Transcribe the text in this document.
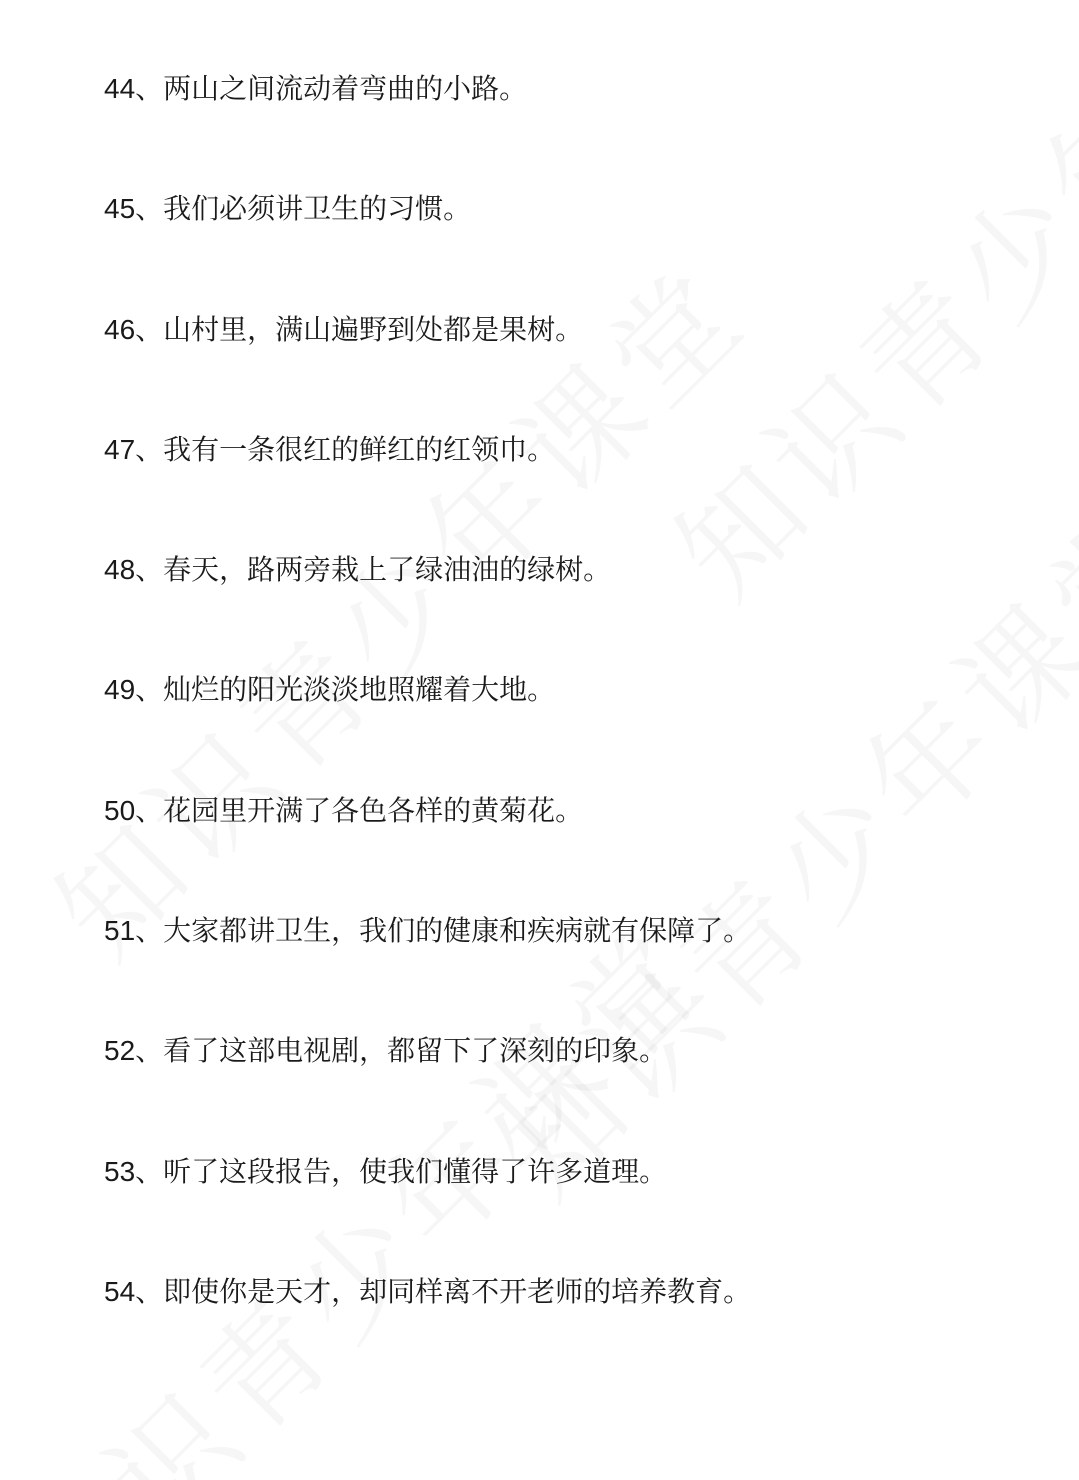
44、两山之间流动着弯曲的小路。
45、我们必须讲卫生的习惯。
46、山村里，满山遍野到处都是果树。
47、我有一条很红的鲜红的红领巾。
48、春天，路两旁栽上了绿油油的绿树。
49、灿烂的阳光淡淡地照耀着大地。
50、花园里开满了各色各样的黄菊花。
51、大家都讲卫生，我们的健康和疾病就有保障了。
52、看了这部电视剧，都留下了深刻的印象。
53、听了这段报告，使我们懂得了许多道理。
54、即使你是天才，却同样离不开老师的培养教育。
